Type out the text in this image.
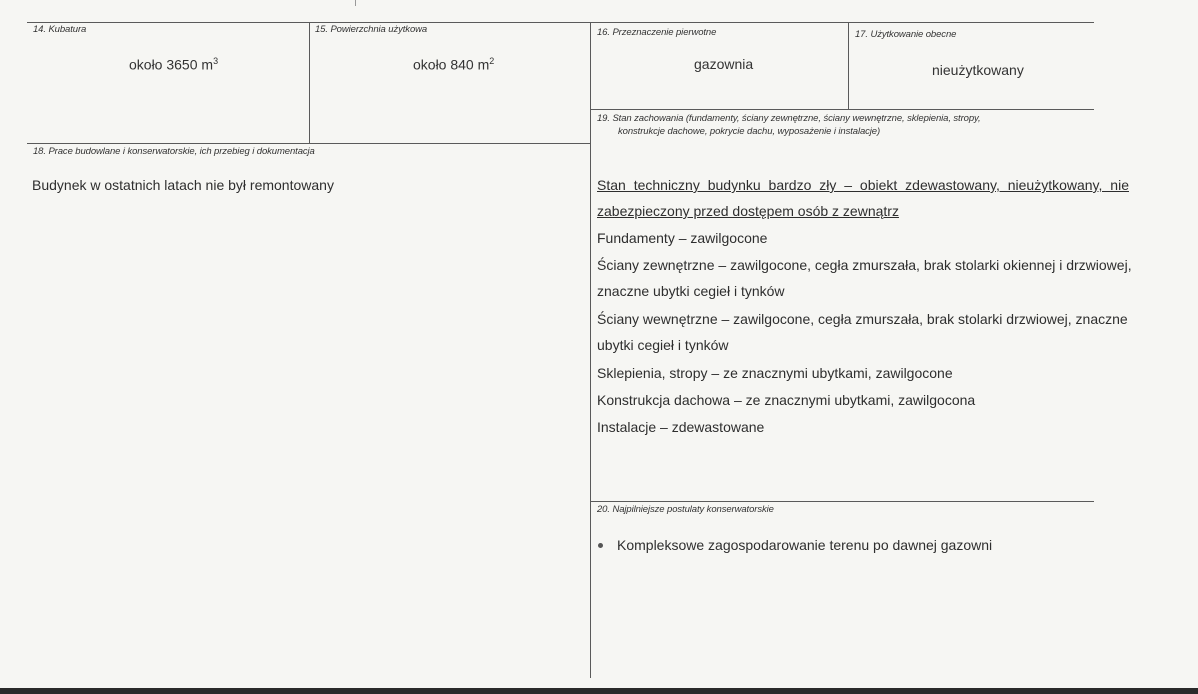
14. Kubatura
około 3650 $m^3$
15. Powierzchnia użytkowa
około 840 $m^2$
16. Przeznaczenie pierwotne
gazownia
17. Użytkowanie obecne
nieużytkowany
18. Prace budowlane i konserwatorskie, ich przebieg i dokumentacja
Budynek w ostatnich latach nie był remontowany
19. Stan zachowania (fundamenty, ściany zewnętrzne, ściany wewnętrzne, sklepienia, stropy,
konstrukcje dachowe, pokrycie dachu, wyposażenie i instalacje)
Stan techniczny budynku bardzo zły – obiekt zdewastowany, nieużytkowany, nie
zabezpieczony przed dostępem osób z zewnątrz
Fundamenty – zawilgocone
Ściany zewnętrzne – zawilgocone, cegła zmurszała, brak stolarki okiennej i drzwiowej,
znaczne ubytki cegieł i tynków
Ściany wewnętrzne – zawilgocone, cegła zmurszała, brak stolarki drzwiowej, znaczne
ubytki cegieł i tynków
Sklepienia, stropy – ze znacznymi ubytkami, zawilgocone
Konstrukcja dachowa – ze znacznymi ubytkami, zawilgocona
Instalacje – zdewastowane
20. Najpilniejsze postulaty konserwatorskie
Kompleksowe zagospodarowanie terenu po dawnej gazowni
